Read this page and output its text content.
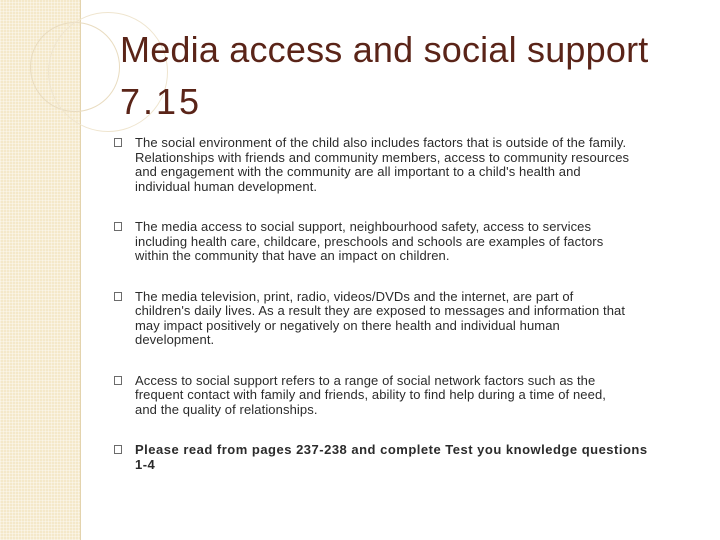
Media access and social support
7.15
The social environment of the child also includes factors that is outside of the family.
Relationships with friends and community members, access to community resources
and engagement with the community are all important to a child's health and
individual human development.
The media access to social support, neighbourhood safety, access to services
including health care, childcare, preschools and schools are examples of factors
within the community that have an impact on children.
The media television, print, radio, videos/DVDs and the internet, are part of
children's daily lives. As a result they are exposed to messages and information that
may impact positively or negatively on there health and individual human
development.
Access to social support refers to a range of social network factors such as the
frequent contact with family and friends, ability to find help during a time of need,
and the quality of relationships.
Please read from pages 237-238 and complete Test you knowledge questions
1-4
